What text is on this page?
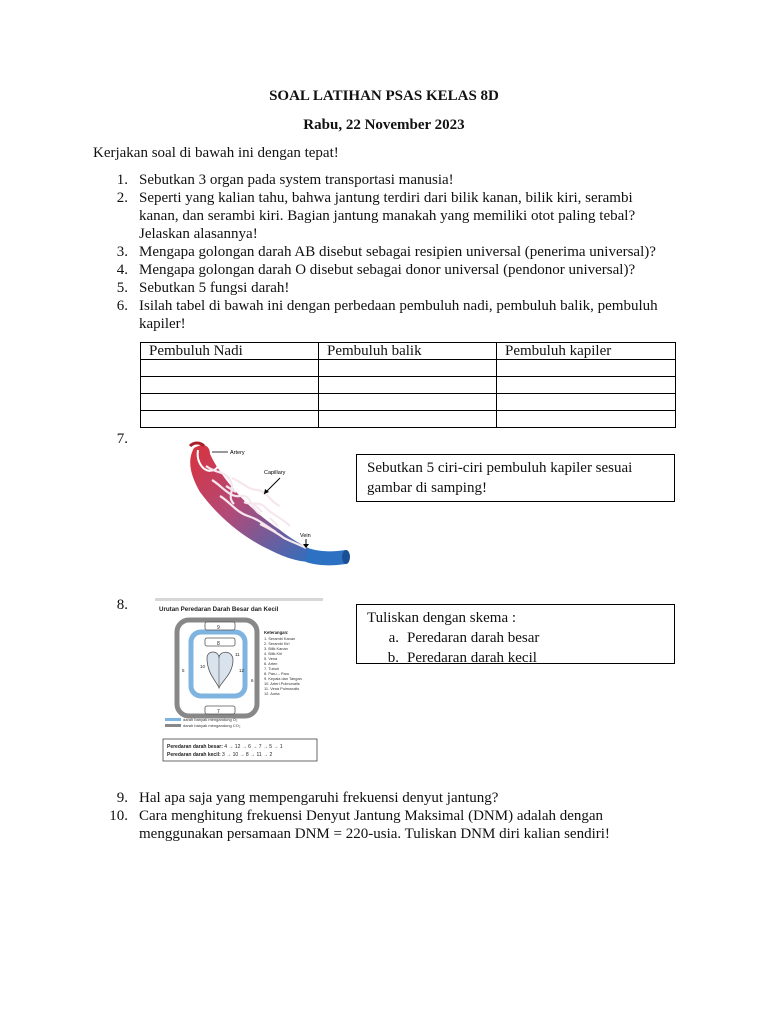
SOAL LATIHAN PSAS KELAS 8D
Rabu, 22 November 2023
Kerjakan soal di bawah ini dengan tepat!
1. Sebutkan 3 organ pada system transportasi manusia!
2. Seperti yang kalian tahu, bahwa jantung terdiri dari bilik kanan, bilik kiri, serambi
kanan, dan serambi kiri. Bagian jantung manakah yang memiliki otot paling tebal?
Jelaskan alasannya!
3. Mengapa golongan darah AB disebut sebagai resipien universal (penerima universal)?
4. Mengapa golongan darah O disebut sebagai donor universal (pendonor universal)?
5. Sebutkan 5 fungsi darah!
6. Isilah tabel di bawah ini dengan perbedaan pembuluh nadi, pembuluh balik, pembuluh
kapiler!
Pembuluh Nadi	Pembuluh balik	Pembuluh kapiler

7.
Artery
Capillary
Vein
Sebutkan 5 ciri-ciri pembuluh kapiler sesuai
gambar di samping!
8.	Urutan Peredaran Darah Besar dan Kecil
9
8
7
10
11
12
5
6
Keterangan:
1. Serambi Kanan
2. Serambi Kiri
3. Bilik Kanan
4. Bilik Kiri
5. Vena
6. Arteri
7. Tubuh
8. Paru – Paru
9. Kepala dan Tangan
10. Arteri Pulmonalis
11. Vena Pulmonalis
12. Aorta
darah banyak mengandung O₂
darah banyak mengandung CO₂
Peredaran darah besar: 4 → 12 → 6 → 7 → 5 → 1
Peredaran darah kecil: 3 → 10 → 8 → 11 → 2
Tuliskan dengan skema :
a. Peredaran darah besar
b. Peredaran darah kecil
9. Hal apa saja yang mempengaruhi frekuensi denyut jantung?
10. Cara menghitung frekuensi Denyut Jantung Maksimal (DNM) adalah dengan
menggunakan persamaan DNM = 220-usia. Tuliskan DNM diri kalian sendiri!
